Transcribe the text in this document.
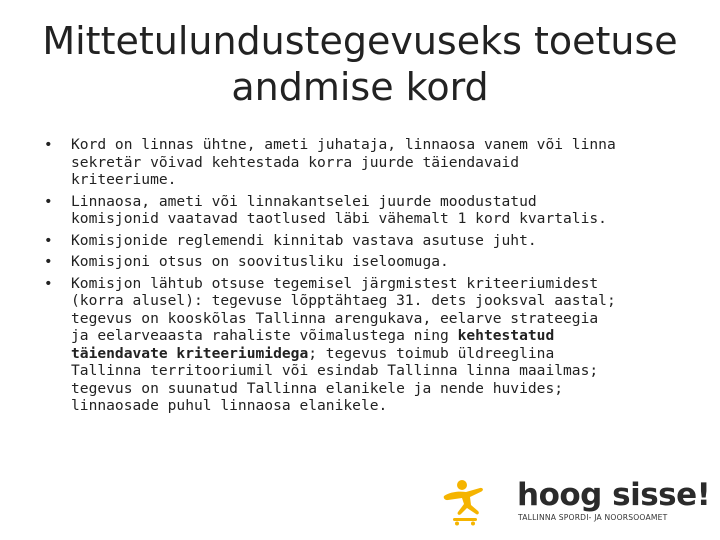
Mittetulundustegevuseks toetuse
andmise kord
• Kord on linnas ühtne, ameti juhataja, linnaosa vanem või linna
sekretär võivad kehtestada korra juurde täiendavaid
kriteeriume.
• Linnaosa, ameti või linnakantselei juurde moodustatud
komisjonid vaatavad taotlused läbi vähemalt 1 kord kvartalis.
• Komisjonide reglemendi kinnitab vastava asutuse juht.
• Komisjoni otsus on soovitusliku iseloomuga.
• Komisjon lähtub otsuse tegemisel järgmistest kriteeriumidest
(korra alusel): tegevuse lõpptähtaeg 31. dets jooksval aastal;
tegevus on kooskõlas Tallinna arengukava, eelarve strateegia
ja eelarveaasta rahaliste võimalustega ning kehtestatud
täiendavate kriteeriumidega; tegevus toimub üldreeglina
Tallinna territooriumil või esindab Tallinna linna maailmas;
tegevus on suunatud Tallinna elanikele ja nende huvides;
linnaosade puhul linnaosa elanikele.
hoog sisse!
TALLINNA SPORDI- JA NOORSOOAMET
